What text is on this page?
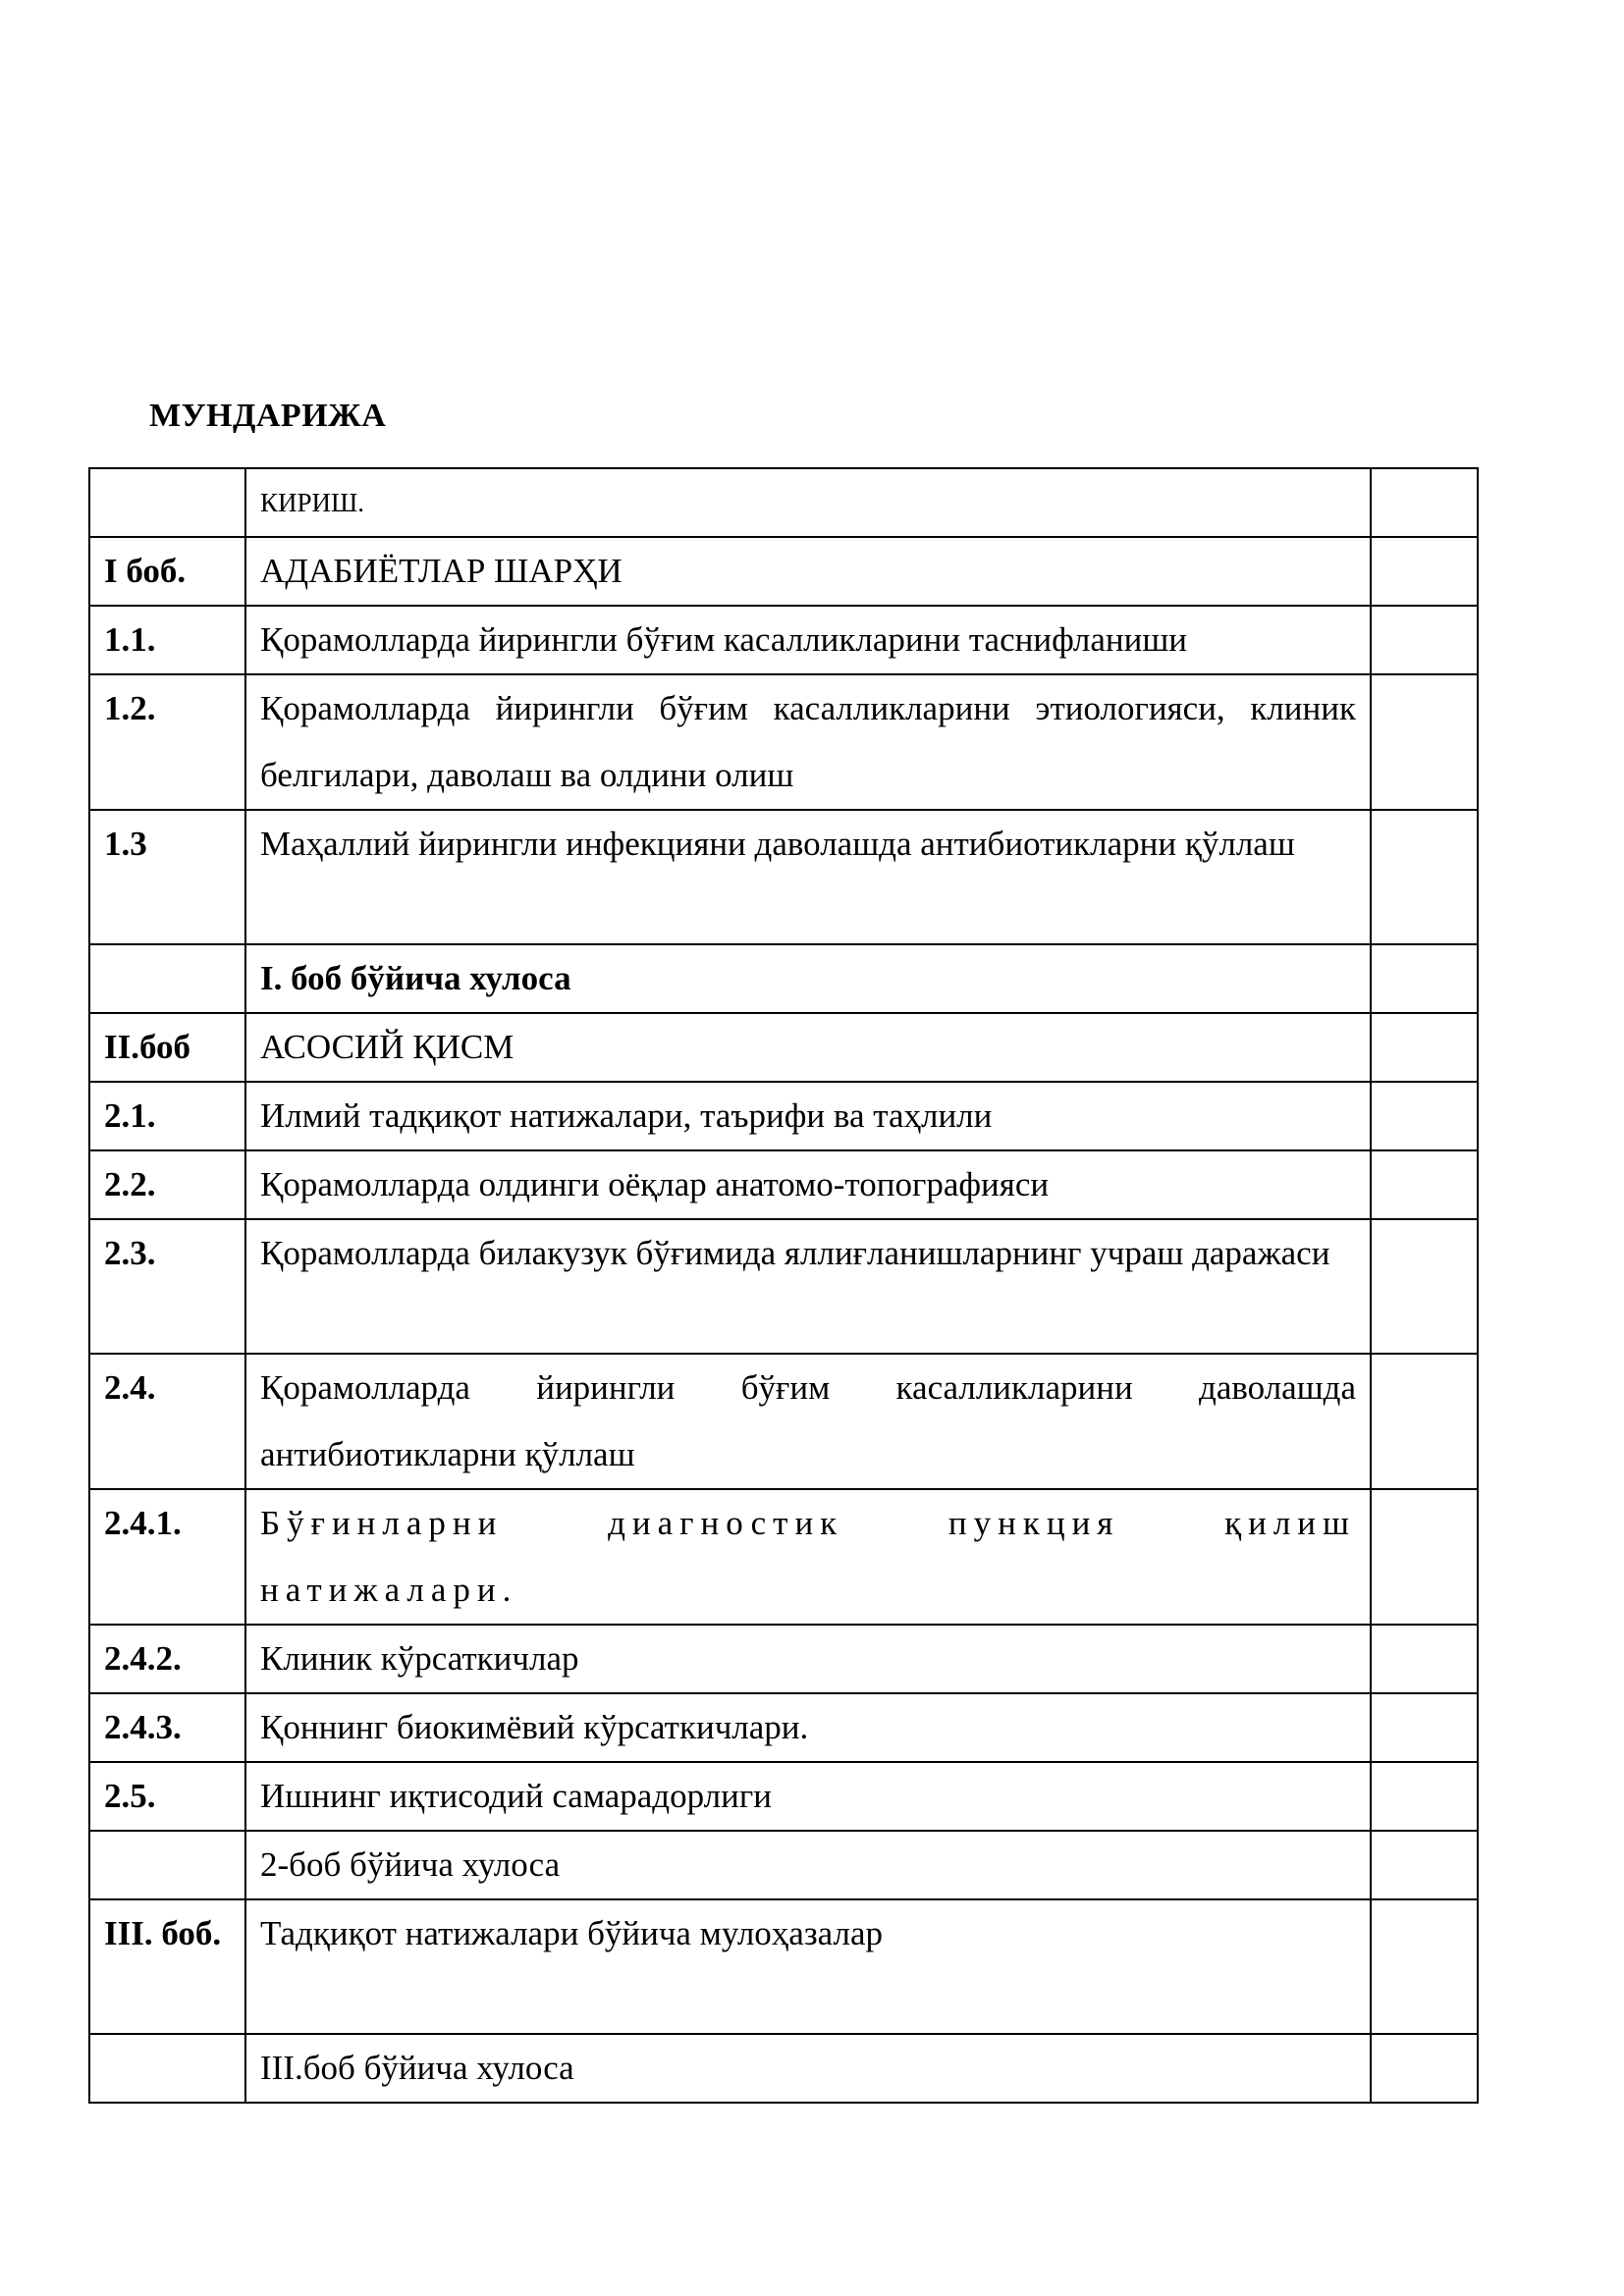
МУНДАРИЖА
	КИРИШ.	
I боб.	АДАБИЁТЛАР ШАРҲИ	
1.1.	Қорамолларда йирингли бўғим касалликларини таснифланиши	
1.2.	Қорамолларда йирингли бўғим касалликларини этиологияси, клиник белгилари, даволаш ва олдини олиш	
1.3	Маҳаллий йирингли инфекцияни даволашда антибиотикларни қўллаш	
	I. боб бўйича хулоса	
II.боб	АСОСИЙ ҚИСМ	
2.1.	Илмий тадқиқот натижалари, таърифи ва таҳлили	
2.2.	Қорамолларда олдинги оёқлар анатомо-топографияси	
2.3.	Қорамолларда билакузук бўғимида яллиғланишларнинг учраш даражаси	
2.4.	Қорамолларда йирингли бўғим касалликларини даволашда антибиотикларни қўллаш	
2.4.1.	Бўғинларни диагностик пункция қилиш натижалари.	
2.4.2.	Клиник кўрсаткичлар	
2.4.3.	Қоннинг биокимёвий кўрсаткичлари.	
2.5.	Ишнинг иқтисодий самарадорлиги	
	2-боб бўйича хулоса	
III. боб.	Тадқиқот натижалари бўйича мулоҳазалар	
	III.боб бўйича хулоса	
